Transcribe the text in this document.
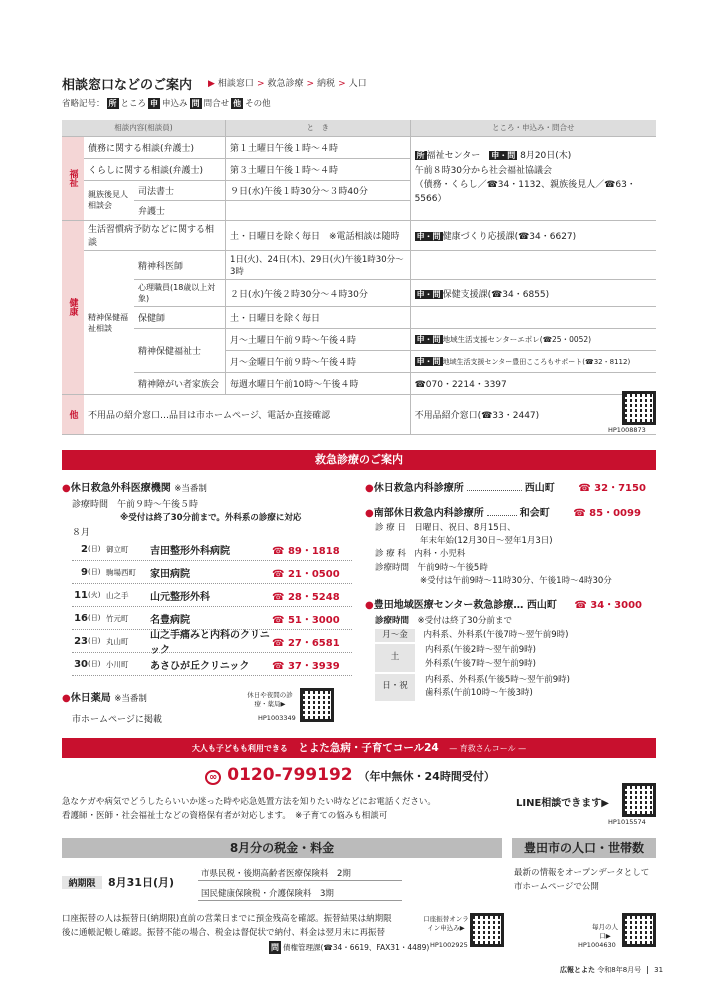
相談窓口などのご案内	▶ 相談窓口 > 救急診療 > 納税 > 人口
省略記号： 所 ところ 申 申込み 問 問合せ 他 その他
相談内容(相談員)			と　き	ところ・申込み・問合せ
福祉	債務に関する相談(弁護士)		第１土曜日午後１時〜４時	所 福祉センター　 申・問 8月20日(木)
午前８時30分から社会福祉協議会
（債務・くらし／☎34・1132、親族後見人／☎63・5566）
	くらしに関する相談(弁護士)		第３土曜日午後１時〜４時	
	親族後見人相談会	司法書士	９日(水)午後１時30分〜３時40分	
		弁護士		

健康	生活習慣病予防などに関する相談		土・日曜日を除く毎日　※電話相談は随時	申・問 健康づくり応援課(☎34・6627)
	精神保健福祉相談	精神科医師	1日(火)、24日(木)、29日(火)午後1時30分〜3時	
		心理職員(18歳以上対象)	２日(水)午後２時30分〜４時30分	申・問 保健支援課(☎34・6855)
		保健師	土・日曜日を除く毎日	
		精神保健福祉士	月〜土曜日午前９時〜午後４時	申・問 地域生活支援センターエポレ(☎25・0052)
			月〜金曜日午前９時〜午後４時	申・問 地域生活支援センター豊田こころもサポート(☎32・8112)
		精神障がい者家族会	毎週水曜日午前10時〜午後４時	☎070・2214・3397

他	不用品の紹介窓口…品目は市ホームページ、電話か直接確認			不用品紹介窓口(☎33・2447)
HP1008873
救急診療のご案内
●休日救急外科医療機関 ※当番制
診療時間　午前９時〜午後５時
※受付は終了30分前まで。外科系の診療に対応
８月
2 (日) 御立町	吉田整形外科病院	☎ 89・1818
9 (日) 駒場西町	家田病院	☎ 21・0500
11 (火) 山之手	山元整形外科	☎ 28・5248
16 (日) 竹元町	名豊病院	☎ 51・3000
23 (日) 丸山町	山之手痛みと内科のクリニック
☎ 27・6581
30 (日) 小川町	あさひが丘クリニック	☎ 37・3939
●休日薬局 ※当番制
市ホームページに掲載
休日や夜間の診療・薬局▶
HP1003349
●休日救急内科診療所	西山町 ☎ 32・7150
●南部休日救急内科診療所	和会町 ☎ 85・0099
診 療 日　日曜日、祝日、8月15日、
年末年始(12月30日〜翌年1月3日)
診 療 科　内科・小児科
診療時間　午前9時〜午後5時
※受付は午前9時〜11時30分、午後1時〜4時30分
●豊田地域医療センター救急診療… 西山町 ☎ 34・3000
診療時間　 ※受付は終了30分前まで
月〜金　 内科系、外科系(午後7時〜翌午前9時)
土
内科系(午後2時〜翌午前9時)
外科系(午後7時〜翌午前9時)
日・祝
内科系、外科系(午後5時〜翌午前9時)
歯科系(午前10時〜午後3時)
大人も子どもも利用できる　 とよた急病・子育てコール24　 — 育救さんコール —
∞ 0120-799192 （年中無休・24時間受付）
急なケガや病気でどうしたらいいか迷った時や応急処置方法を知りたい時などにお電話ください。
看護師・医師・社会福祉士などの資格保有者が対応します。　※子育ての悩みも相談可
LINE相談できます▶
HP1015574
8月分の税金・料金
納期限	8月31日(月)
市県民税・後期高齢者医療保険料　2期
国民健康保険税・介護保険料　3期
口座振替の人は振替日(納期限)直前の営業日までに預金残高を確認。振替結果は納期限
後に通帳記帳し確認。振替不能の場合、税金は督促状で納付、料金は翌月末に再振替
問 債権管理課(☎34・6619、FAX31・4489)
口座振替オンライン申込み▶
HP1002925
豊田市の人口・世帯数
最新の情報をオープンデータとして
市ホームページで公開
毎月の人口▶
HP1004630
広報とよた 令和8年8月号 31
